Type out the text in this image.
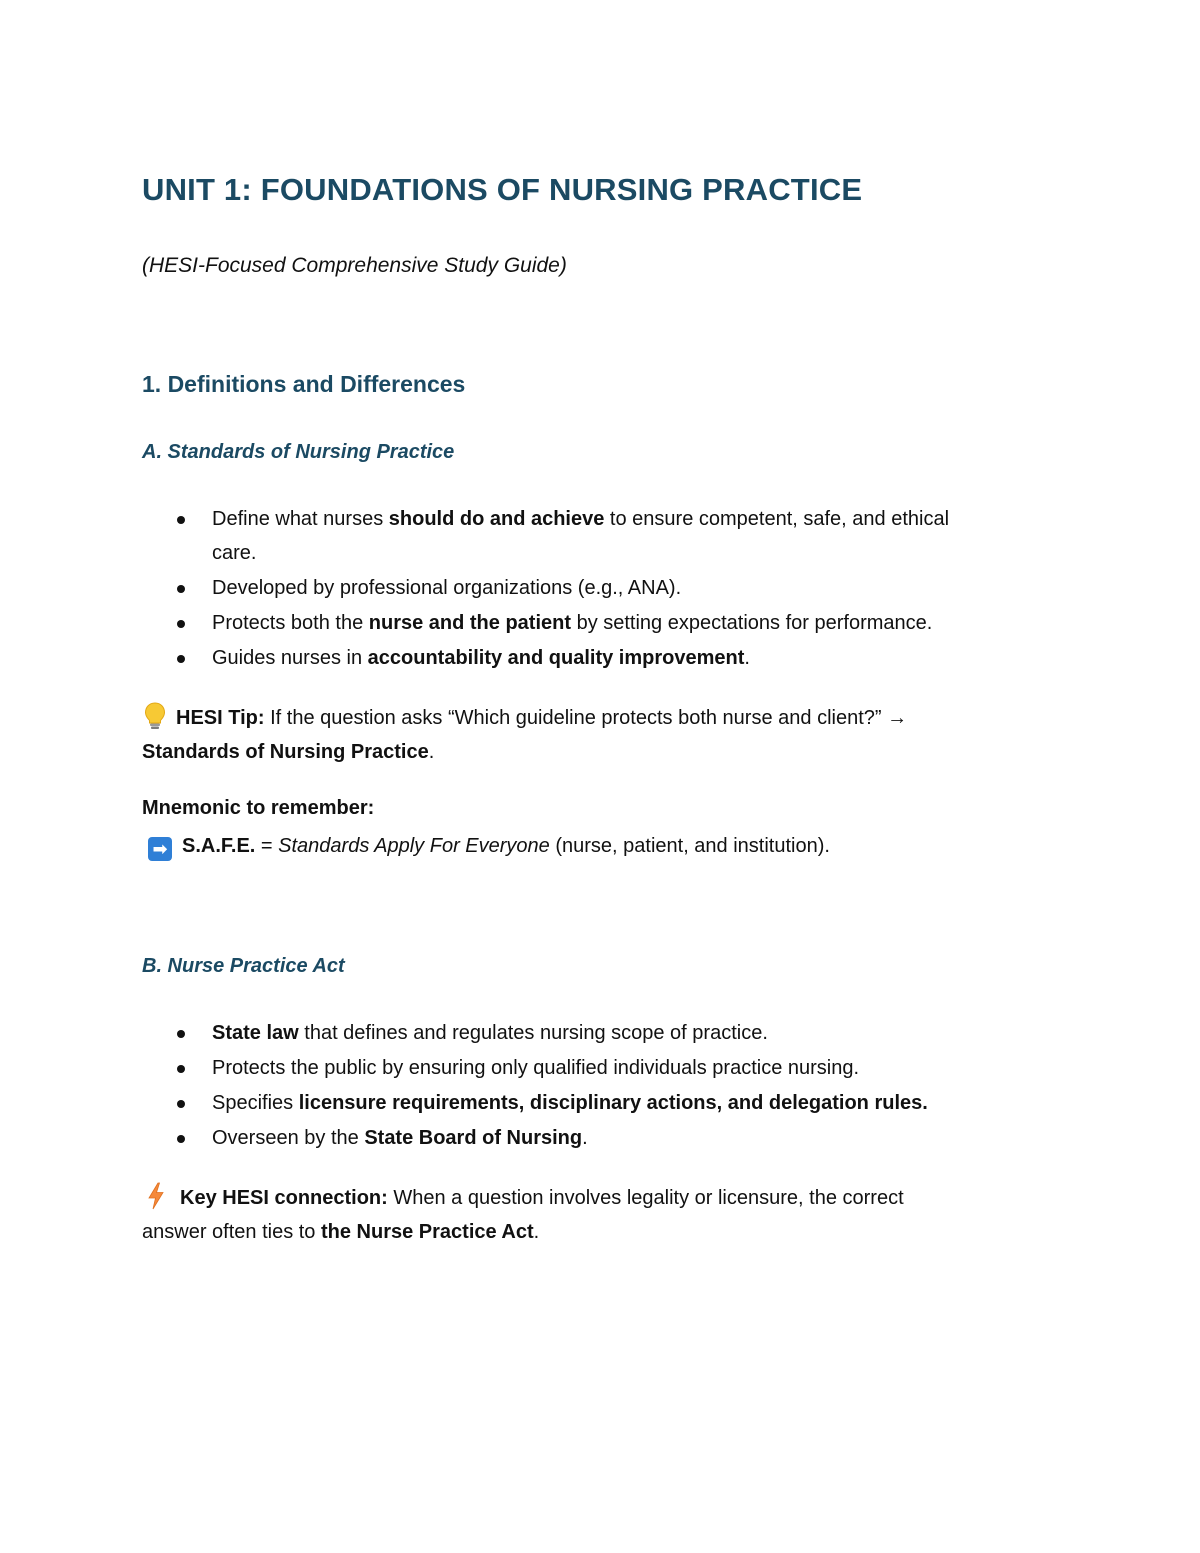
UNIT 1: FOUNDATIONS OF NURSING PRACTICE
(HESI-Focused Comprehensive Study Guide)
1. Definitions and Differences
A. Standards of Nursing Practice
Define what nurses should do and achieve to ensure competent, safe, and ethical
care.
Developed by professional organizations (e.g., ANA).
Protects both the nurse and the patient by setting expectations for performance.
Guides nurses in accountability and quality improvement.
HESI Tip: If the question asks “Which guideline protects both nurse and client?” →
Standards of Nursing Practice.
Mnemonic to remember:
➡ S.A.F.E. = Standards Apply For Everyone (nurse, patient, and institution).
B. Nurse Practice Act
State law that defines and regulates nursing scope of practice.
Protects the public by ensuring only qualified individuals practice nursing.
Specifies licensure requirements, disciplinary actions, and delegation rules.
Overseen by the State Board of Nursing.
Key HESI connection: When a question involves legality or licensure, the correct
answer often ties to the Nurse Practice Act.
